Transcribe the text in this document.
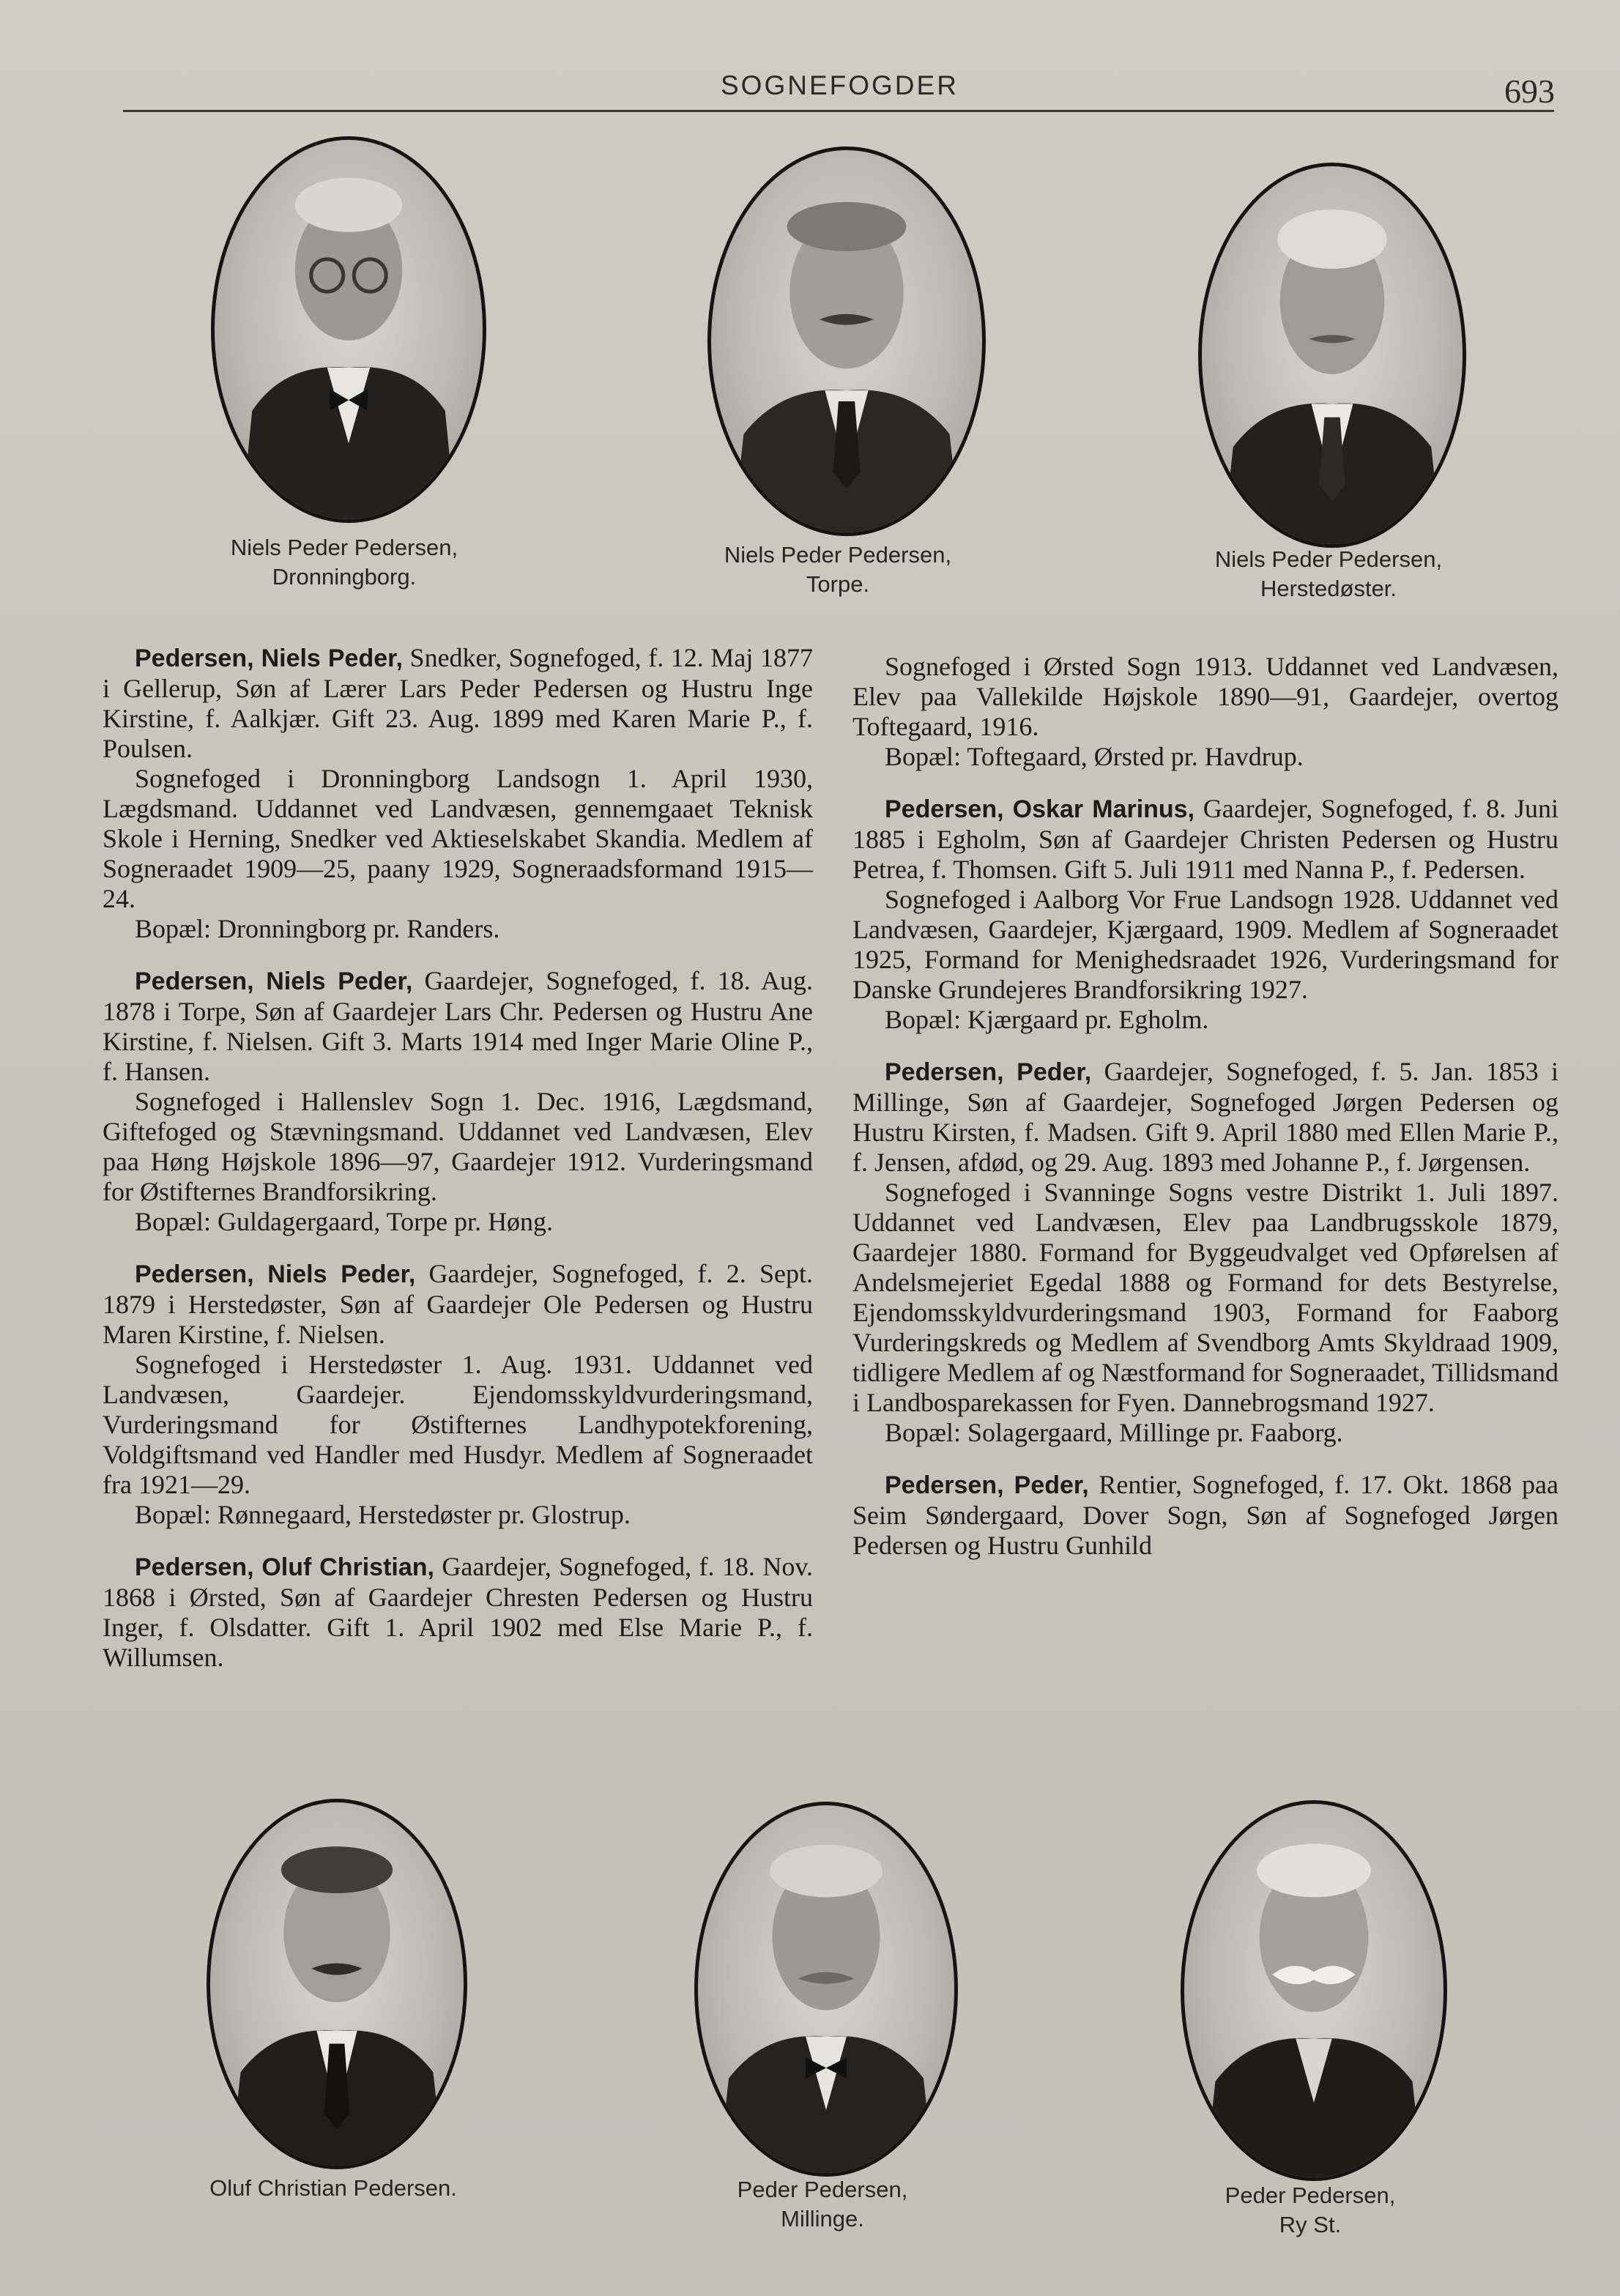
SOGNEFOGDER	693
Niels Peder Pedersen,
Dronningborg.
Niels Peder Pedersen,
Torpe.
Niels Peder Pedersen,
Herstedøster.

Pedersen, Niels Peder, Snedker, Sognefoged, f. 12. Maj 1877 i Gellerup, Søn af Lærer Lars Peder Pedersen og Hustru Inge Kirstine, f. Aalkjær. Gift 23. Aug. 1899 med Karen Marie P., f. Poulsen.

Sognefoged i Dronningborg Landsogn 1. April 1930, Lægdsmand. Uddannet ved Landvæsen, gennemgaaet Teknisk Skole i Herning, Snedker ved Aktieselskabet Skandia. Medlem af Sogneraadet 1909—25, paany 1929, Sogneraadsformand 1915—24.

Bopæl: Dronningborg pr. Randers.

Pedersen, Niels Peder, Gaardejer, Sognefoged, f. 18. Aug. 1878 i Torpe, Søn af Gaardejer Lars Chr. Pedersen og Hustru Ane Kirstine, f. Nielsen. Gift 3. Marts 1914 med Inger Marie Oline P., f. Hansen.

Sognefoged i Hallenslev Sogn 1. Dec. 1916, Lægdsmand, Giftefoged og Stævningsmand. Uddannet ved Landvæsen, Elev paa Høng Højskole 1896—97, Gaardejer 1912. Vurderingsmand for Østifternes Brandforsikring.

Bopæl: Guldagergaard, Torpe pr. Høng.

Pedersen, Niels Peder, Gaardejer, Sognefoged, f. 2. Sept. 1879 i Herstedøster, Søn af Gaardejer Ole Pedersen og Hustru Maren Kirstine, f. Nielsen.

Sognefoged i Herstedøster 1. Aug. 1931. Uddannet ved Landvæsen, Gaardejer. Ejendomsskyldvurderingsmand, Vurderingsmand for Østifternes Landhypotekforening, Voldgiftsmand ved Handler med Husdyr. Medlem af Sogneraadet fra 1921—29.

Bopæl: Rønnegaard, Herstedøster pr. Glostrup.

Pedersen, Oluf Christian, Gaardejer, Sognefoged, f. 18. Nov. 1868 i Ørsted, Søn af Gaardejer Chresten Pedersen og Hustru Inger, f. Olsdatter. Gift 1. April 1902 med Else Marie P., f. Willumsen.

Sognefoged i Ørsted Sogn 1913. Uddannet ved Landvæsen, Elev paa Vallekilde Højskole 1890—91, Gaardejer, overtog Toftegaard, 1916.

Bopæl: Toftegaard, Ørsted pr. Havdrup.

Pedersen, Oskar Marinus, Gaardejer, Sognefoged, f. 8. Juni 1885 i Egholm, Søn af Gaardejer Christen Pedersen og Hustru Petrea, f. Thomsen. Gift 5. Juli 1911 med Nanna P., f. Pedersen.

Sognefoged i Aalborg Vor Frue Landsogn 1928. Uddannet ved Landvæsen, Gaardejer, Kjærgaard, 1909. Medlem af Sogneraadet 1925, Formand for Menighedsraadet 1926, Vurderingsmand for Danske Grundejeres Brandforsikring 1927.

Bopæl: Kjærgaard pr. Egholm.

Pedersen, Peder, Gaardejer, Sognefoged, f. 5. Jan. 1853 i Millinge, Søn af Gaardejer, Sognefoged Jørgen Pedersen og Hustru Kirsten, f. Madsen. Gift 9. April 1880 med Ellen Marie P., f. Jensen, afdød, og 29. Aug. 1893 med Johanne P., f. Jørgensen.

Sognefoged i Svanninge Sogns vestre Distrikt 1. Juli 1897. Uddannet ved Landvæsen, Elev paa Landbrugsskole 1879, Gaardejer 1880. Formand for Byggeudvalget ved Opførelsen af Andelsmejeriet Egedal 1888 og Formand for dets Bestyrelse, Ejendomsskyldvurderingsmand 1903, Formand for Faaborg Vurderingskreds og Medlem af Svendborg Amts Skyldraad 1909, tidligere Medlem af og Næstformand for Sogneraadet, Tillidsmand i Landbosparekassen for Fyen. Dannebrogsmand 1927.

Bopæl: Solagergaard, Millinge pr. Faaborg.

Pedersen, Peder, Rentier, Sognefoged, f. 17. Okt. 1868 paa Seim Søndergaard, Dover Sogn, Søn af Sognefoged Jørgen Pedersen og Hustru Gunhild

Oluf Christian Pedersen.	Peder Pedersen,
Millinge.
Peder Pedersen,
Ry St.
